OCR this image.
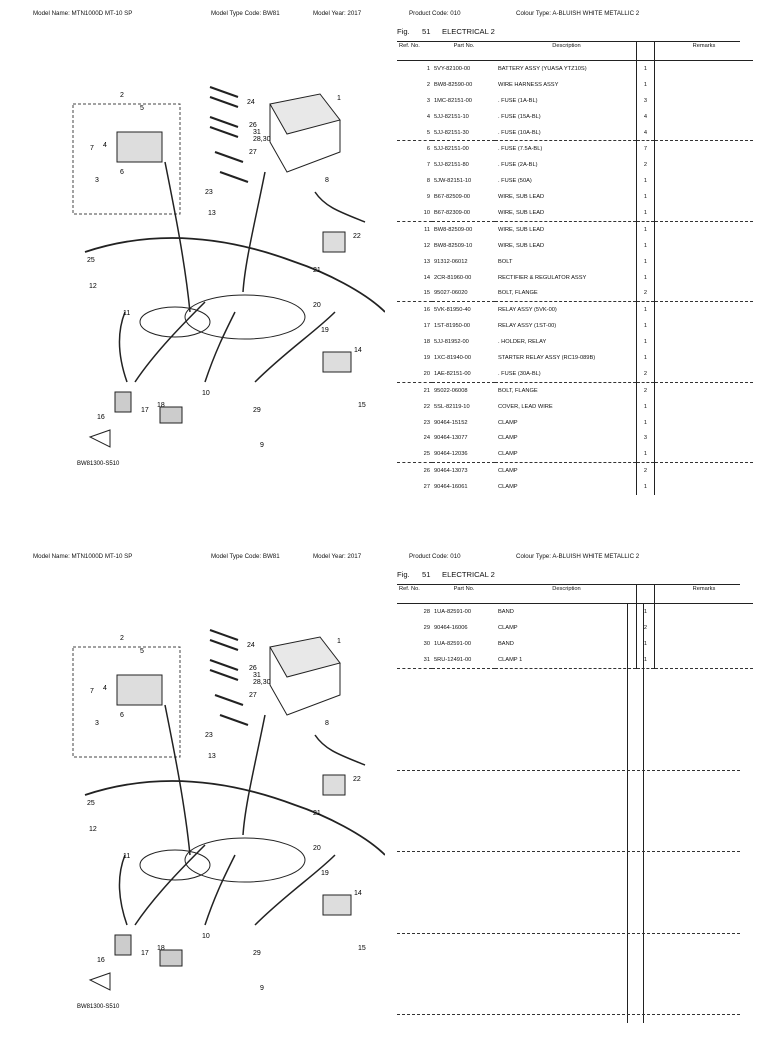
Model Name: MTN1000D MT-10 SP	Model Type Code: BW81	Model Year: 2017	Product Code: 010	Colour Type: A-BLUISH WHITE METALLIC 2
Fig. 51 ELECTRICAL 2
1
2
3
4
5
6
7
8
9
10
11
12
13
14
15
16
17
18
19
20
21
22
23
24
25
26
27
28,30
29
31
BW81300-S510
Ref. No.	Part No.	Description		Remarks
1	5VY-82100-00	BATTERY ASSY (YUASA YTZ10S)	1	
2	BW8-82590-00	WIRE HARNESS ASSY	1	
3	1MC-82151-00	. FUSE (1A-BL)	3	
4	5JJ-82151-10	. FUSE (15A-BL)	4	
5	5JJ-82151-30	. FUSE (10A-BL)	4	
6	5JJ-82151-00	. FUSE (7.5A-BL)	7	
7	5JJ-82151-80	. FUSE (2A-BL)	2	
8	5JW-82151-10	. FUSE (50A)	1	
9	B67-82509-00	WIRE, SUB LEAD	1	
10	B67-82309-00	WIRE, SUB LEAD	1	
11	BW8-82509-00	WIRE, SUB LEAD	1	
12	BW8-82509-10	WIRE, SUB LEAD	1	
13	91312-06012	BOLT	1	
14	2CR-81960-00	RECTIFIER & REGULATOR ASSY	1	
15	95027-06020	BOLT, FLANGE	2	
16	5VK-81950-40	RELAY ASSY (5VK-00)	1	
17	1ST-81950-00	RELAY ASSY (1ST-00)	1	
18	5JJ-81952-00	. HOLDER, RELAY	1	
19	1XC-81940-00	STARTER RELAY ASSY (RC19-089B)	1	
20	1AE-82151-00	. FUSE (30A-BL)	2	
21	95022-06008	BOLT, FLANGE	2	
22	5SL-82119-10	COVER, LEAD WIRE	1	
23	90464-15152	CLAMP	1	
24	90464-13077	CLAMP	3	
25	90464-12036	CLAMP	1	
26	90464-13073	CLAMP	2	
27	90464-16061	CLAMP	1	
Model Name: MTN1000D MT-10 SP	Model Type Code: BW81	Model Year: 2017	Product Code: 010	Colour Type: A-BLUISH WHITE METALLIC 2
Fig. 51 ELECTRICAL 2
1
2
3
4
5
6
7
8
9
10
11
12
13
14
15
16
17
18
19
20
21
22
23
24
25
26
27
28,30
29
31
BW81300-S510
Ref. No.	Part No.	Description		Remarks
28	1UA-82591-00	BAND	1	
29	90464-16006	CLAMP	2	
30	1UA-82591-00	BAND	1	
31	5RU-12491-00	CLAMP 1	1	
